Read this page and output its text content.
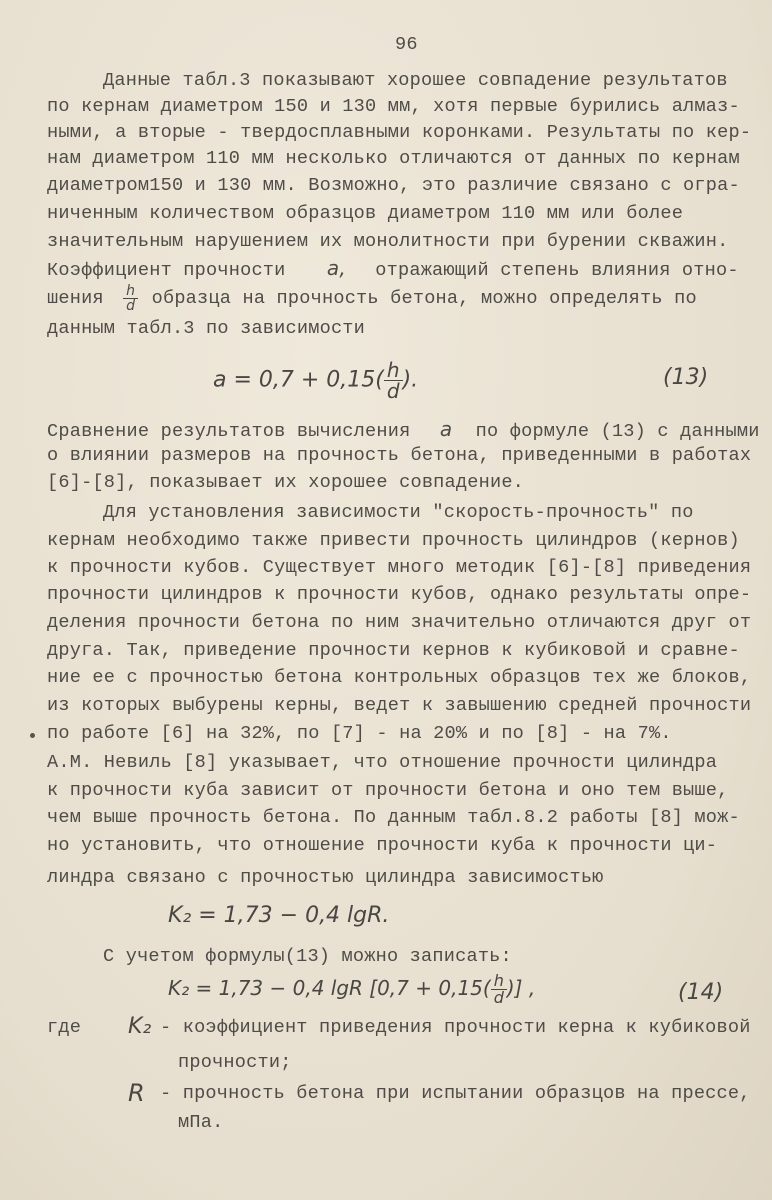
96
Данные табл.3 показывают хорошее совпадение результатов
по кернам диаметром 150 и 130 мм, хотя первые бурились алмаз-
ными, а вторые - твердосплавными коронками. Результаты по кер-
нам диаметром 110 мм несколько отличаются от данных по кернам
диаметром150 и 130 мм. Возможно, это различие связано с огра-
ниченным количеством образцов диаметром 110 мм или более
значительным нарушением их монолитности при бурении скважин.
Коэффициент прочности a, отражающий степень влияния отно-
шения $\frac{h}{d}$ образца на прочность бетона, можно определять по
данным табл.3 по зависимости
$a = 0,7 + 0,15( \frac{h}{d}$ ).	(13)
Сравнение результатов вычисления a по формуле (13) с данными
о влиянии размеров на прочность бетона, приведенными в работах
[6]-[8], показывает их хорошее совпадение.
Для установления зависимости "скорость-прочность" по
кернам необходимо также привести прочность цилиндров (кернов)
к прочности кубов. Существует много методик [6]-[8] приведения
прочности цилиндров к прочности кубов, однако результаты опре-
деления прочности бетона по ним значительно отличаются друг от
друга. Так, приведение прочности кернов к кубиковой и сравне-
ние ее с прочностью бетона контрольных образцов тех же блоков,
из которых выбурены керны, ведет к завышению средней прочности
по работе [6] на 32%, по [7] - на 20% и по [8] - на 7%.
А.М. Невиль [8] указывает, что отношение прочности цилиндра
к прочности куба зависит от прочности бетона и оно тем выше,
чем выше прочность бетона. По данным табл.8.2 работы [8] мож-
но установить, что отношение прочности куба к прочности ци-
линдра связано с прочностью цилиндра зависимостью
K₂ = 1,73 − 0,4 lgR.
С учетом формулы(13) можно записать:
K₂ = 1,73 − 0,4 lgR [$0,7 + 0,15( \frac{h}{d}$ )] ,	(14)
где K₂ - коэффициент приведения прочности керна к кубиковой
прочности;
R - прочность бетона при испытании образцов на прессе,
мПа.
